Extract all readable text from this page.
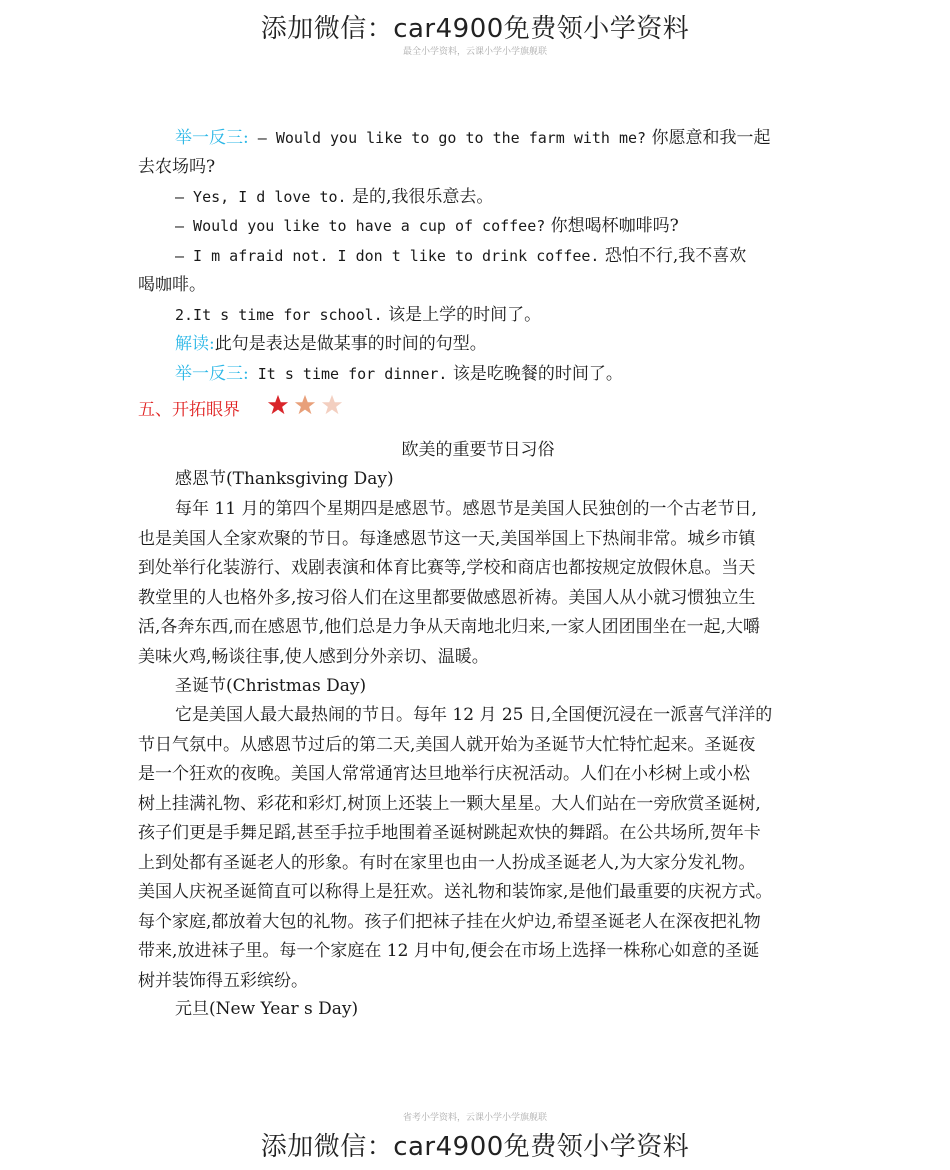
添加微信：car4900免费领小学资料
最全小学资料，云课小学小学旗舰联
举一反三: — Would you like to go to the farm with me? 你愿意和我一起
去农场吗?
— Yes, I d love to. 是的,我很乐意去。
— Would you like to have a cup of coffee? 你想喝杯咖啡吗?
— I m afraid not. I don t like to drink coffee. 恐怕不行,我不喜欢
喝咖啡。
2.It s time for school. 该是上学的时间了。
解读:此句是表达是做某事的时间的句型。
举一反三: It s time for dinner. 该是吃晚餐的时间了。
五、开拓眼界

欧美的重要节日习俗
感恩节(Thanksgiving Day)
每年 11 月的第四个星期四是感恩节。感恩节是美国人民独创的一个古老节日,
也是美国人全家欢聚的节日。每逢感恩节这一天,美国举国上下热闹非常。城乡市镇
到处举行化装游行、戏剧表演和体育比赛等,学校和商店也都按规定放假休息。当天
教堂里的人也格外多,按习俗人们在这里都要做感恩祈祷。美国人从小就习惯独立生
活,各奔东西,而在感恩节,他们总是力争从天南地北归来,一家人团团围坐在一起,大嚼
美味火鸡,畅谈往事,使人感到分外亲切、温暖。
圣诞节(Christmas Day)
它是美国人最大最热闹的节日。每年 12 月 25 日,全国便沉浸在一派喜气洋洋的
节日气氛中。从感恩节过后的第二天,美国人就开始为圣诞节大忙特忙起来。圣诞夜
是一个狂欢的夜晚。美国人常常通宵达旦地举行庆祝活动。人们在小杉树上或小松
树上挂满礼物、彩花和彩灯,树顶上还装上一颗大星星。大人们站在一旁欣赏圣诞树,
孩子们更是手舞足蹈,甚至手拉手地围着圣诞树跳起欢快的舞蹈。在公共场所,贺年卡
上到处都有圣诞老人的形象。有时在家里也由一人扮成圣诞老人,为大家分发礼物。
美国人庆祝圣诞简直可以称得上是狂欢。送礼物和装饰家,是他们最重要的庆祝方式。
每个家庭,都放着大包的礼物。孩子们把袜子挂在火炉边,希望圣诞老人在深夜把礼物
带来,放进袜子里。每一个家庭在 12 月中旬,便会在市场上选择一株称心如意的圣诞
树并装饰得五彩缤纷。
元旦(New Year s Day)
省考小学资料，云课小学小学旗舰联
添加微信：car4900免费领小学资料
